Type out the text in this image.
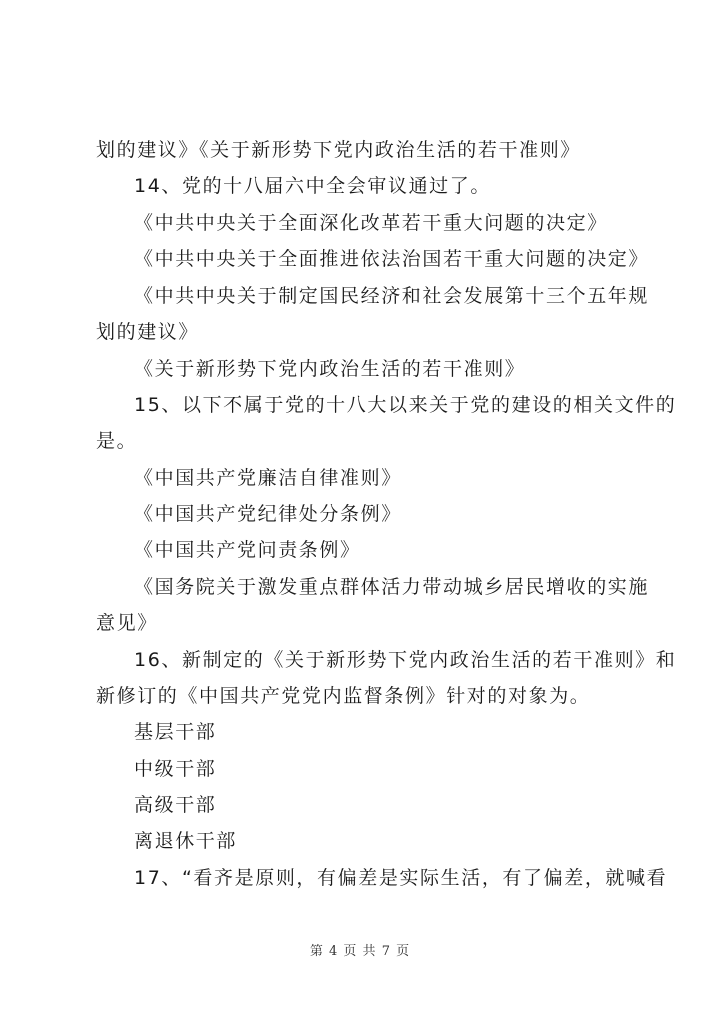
划的建议》《关于新形势下党内政治生活的若干准则》
14、党的十八届六中全会审议通过了。
《中共中央关于全面深化改革若干重大问题的决定》
《中共中央关于全面推进依法治国若干重大问题的决定》
《中共中央关于制定国民经济和社会发展第十三个五年规
划的建议》
《关于新形势下党内政治生活的若干准则》
15、以下不属于党的十八大以来关于党的建设的相关文件的
是。
《中国共产党廉洁自律准则》
《中国共产党纪律处分条例》
《中国共产党问责条例》
《国务院关于激发重点群体活力带动城乡居民增收的实施
意见》
16、新制定的《关于新形势下党内政治生活的若干准则》和
新修订的《中国共产党党内监督条例》针对的对象为。
基层干部
中级干部
高级干部
离退休干部
17、“看齐是原则，有偏差是实际生活，有了偏差，就喊看
第 4 页 共 7 页
